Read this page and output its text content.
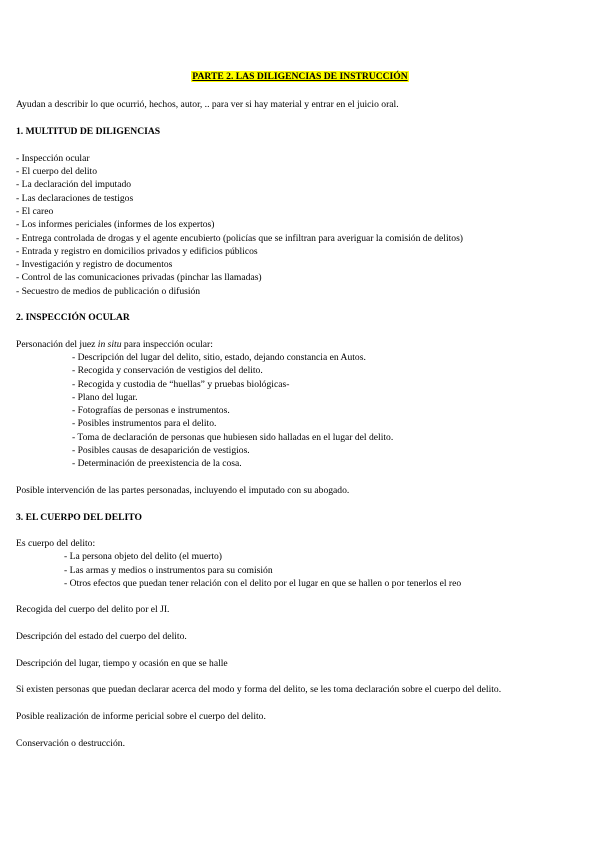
PARTE 2. LAS DILIGENCIAS DE INSTRUCCIÓN
Ayudan a describir lo que ocurrió, hechos, autor, .. para ver si hay material y entrar en el juicio oral.
1. MULTITUD DE DILIGENCIAS
- Inspección ocular
- El cuerpo del delito
- La declaración del imputado
- Las declaraciones de testigos
- El careo
- Los informes periciales (informes de los expertos)
- Entrega controlada de drogas y el agente encubierto (policías que se infiltran para averiguar la comisión de delitos)
- Entrada y registro en domicilios privados y edificios públicos
- Investigación y registro de documentos
- Control de las comunicaciones privadas (pinchar las llamadas)
- Secuestro de medios de publicación o difusión
2. INSPECCIÓN OCULAR
Personación del juez in situ para inspección ocular:
- Descripción del lugar del delito, sitio, estado, dejando constancia en Autos.
- Recogida y conservación de vestigios del delito.
- Recogida y custodia de “huellas” y pruebas biológicas-
- Plano del lugar.
- Fotografías de personas e instrumentos.
- Posibles instrumentos para el delito.
- Toma de declaración de personas que hubiesen sido halladas en el lugar del delito.
- Posibles causas de desaparición de vestigios.
- Determinación de preexistencia de la cosa.
Posible intervención de las partes personadas, incluyendo el imputado con su abogado.
3. EL CUERPO DEL DELITO
Es cuerpo del delito:
- La persona objeto del delito (el muerto)
- Las armas y medios o instrumentos para su comisión
- Otros efectos que puedan tener relación con el delito por el lugar en que se hallen o por tenerlos el reo
Recogida del cuerpo del delito por el JI.
Descripción del estado del cuerpo del delito.
Descripción del lugar, tiempo y ocasión en que se halle
Si existen personas que puedan declarar acerca del modo y forma del delito, se les toma declaración sobre el cuerpo del delito.
Posible realización de informe pericial sobre el cuerpo del delito.
Conservación o destrucción.
